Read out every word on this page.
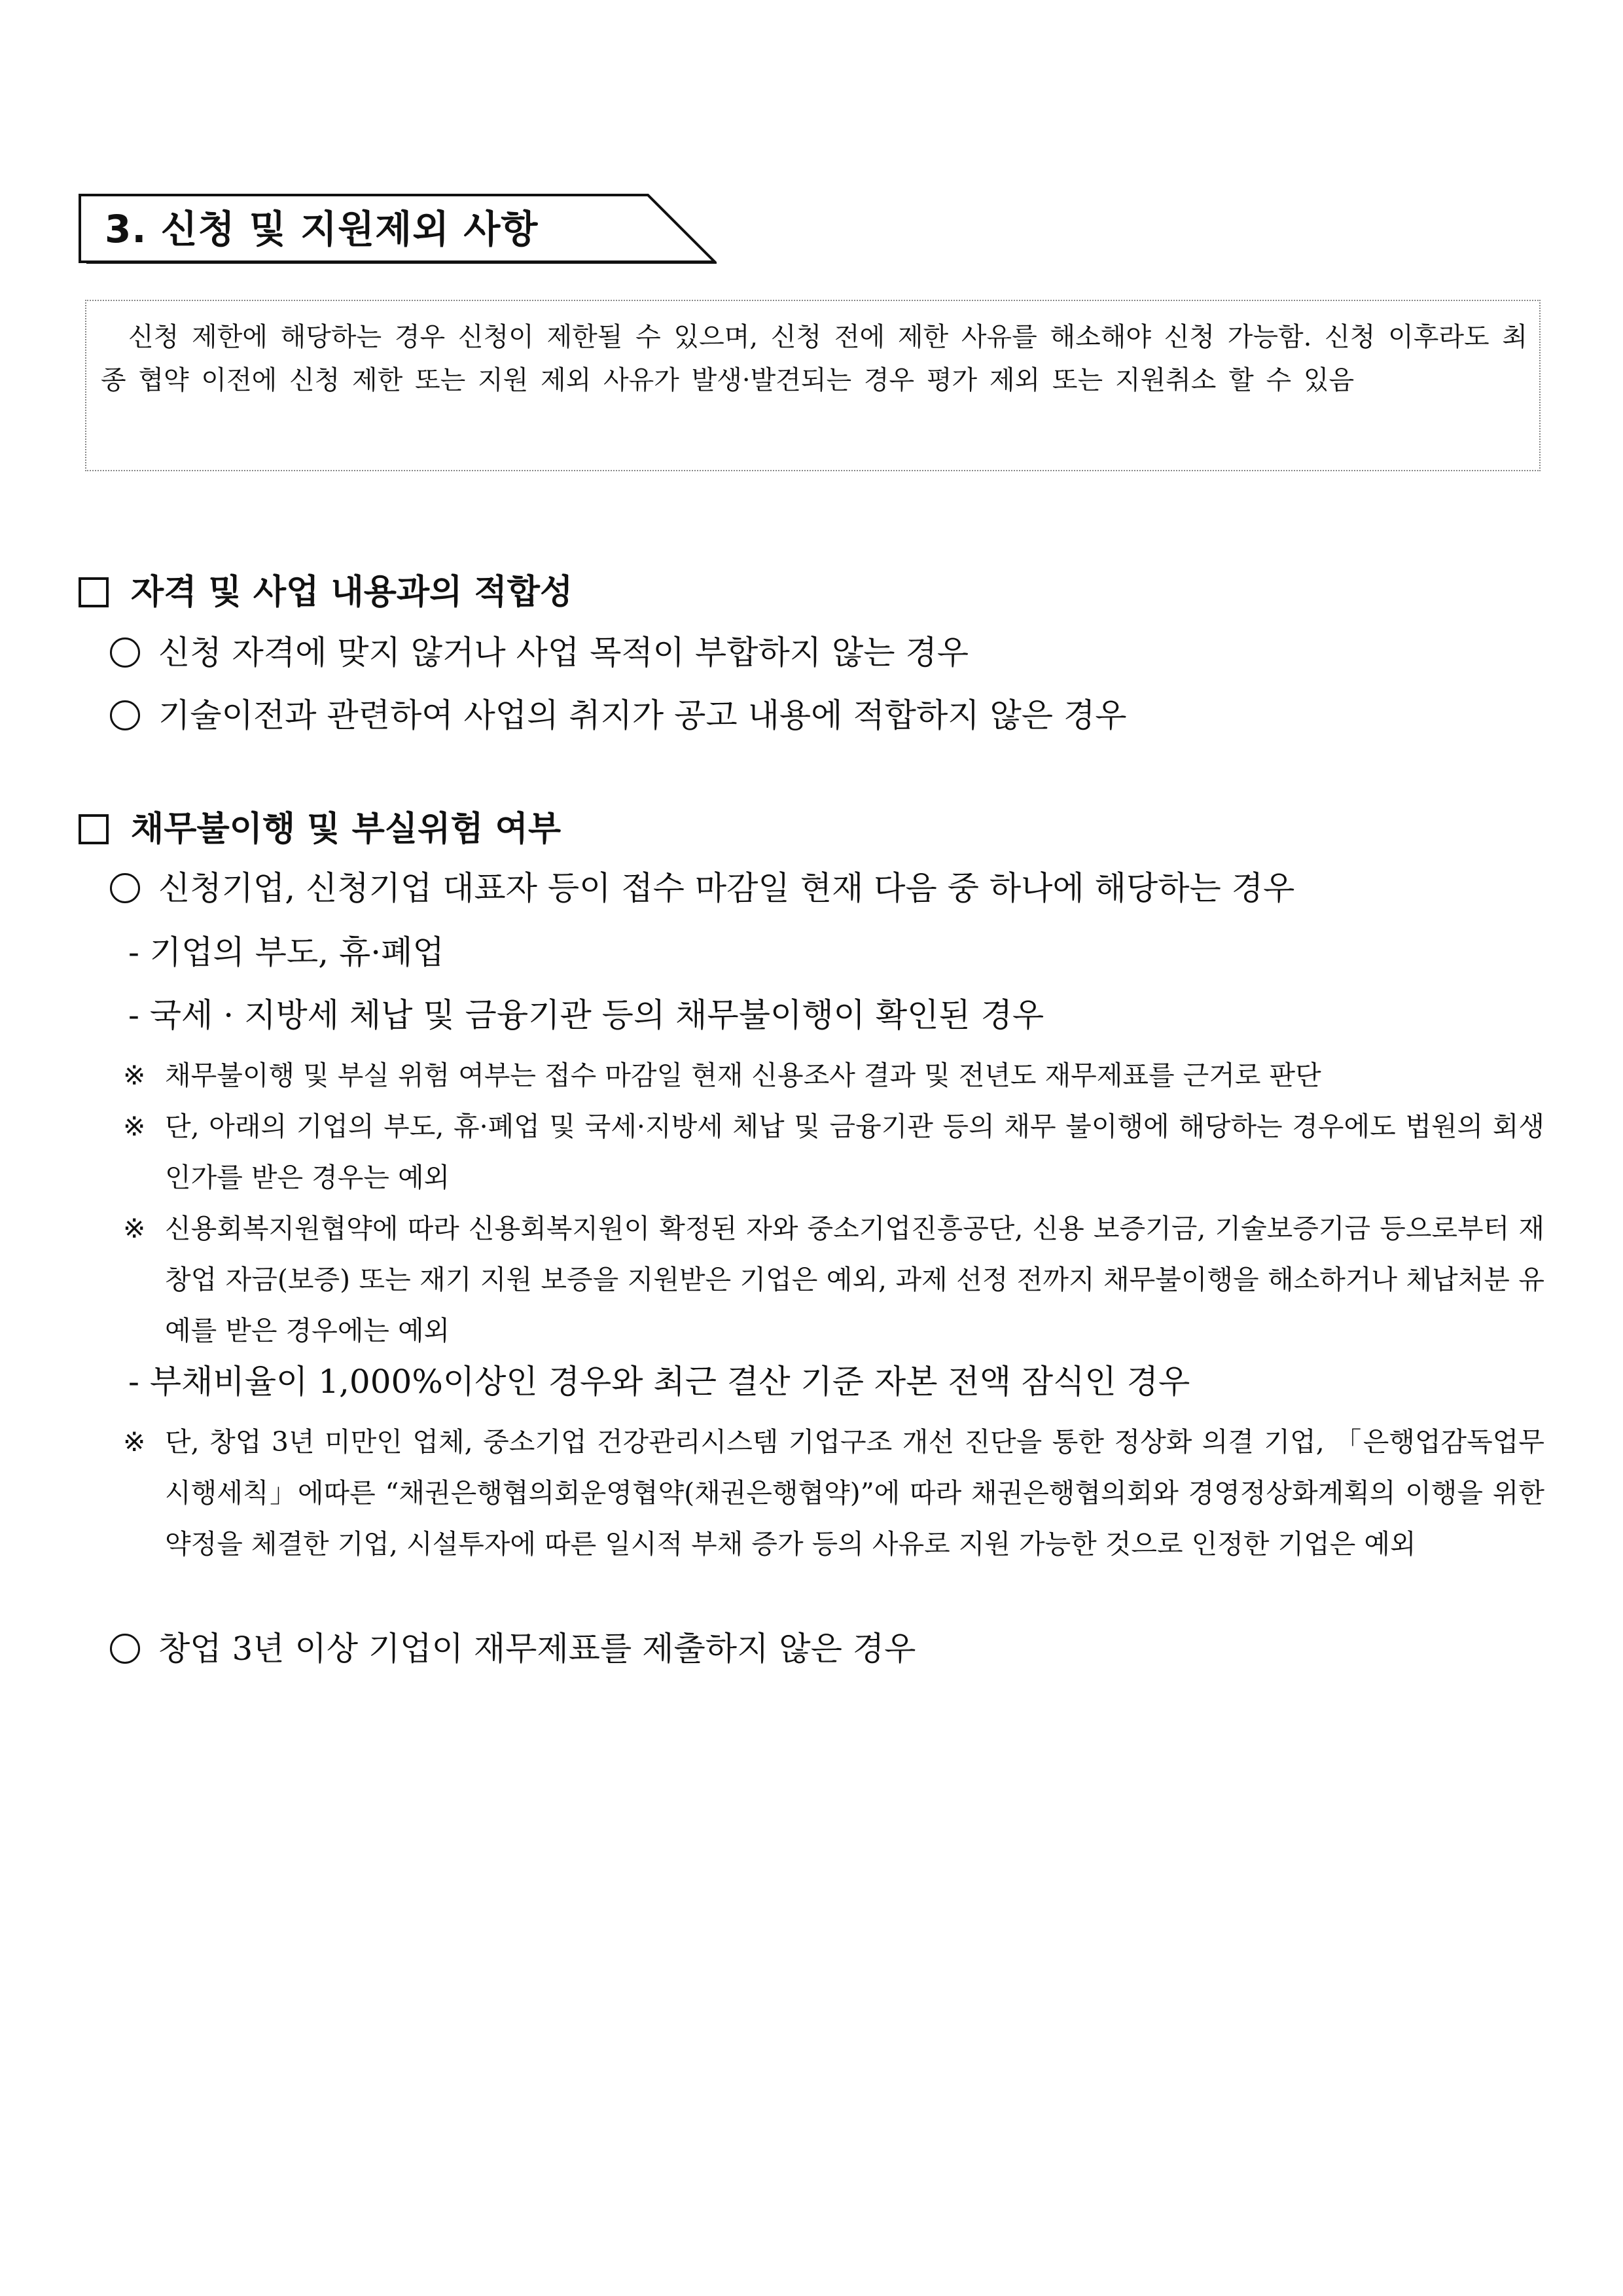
3. 신청 및 지원제외 사항

신청 제한에 해당하는 경우 신청이 제한될 수 있으며, 신청 전에 제한 사유를 해소해야 신청 가능함. 신청 이후라도 최종 협약 이전에 신청 제한 또는 지원 제외 사유가 발생·발견되는 경우 평가 제외 또는 지원취소 할 수 있음

자격 및 사업 내용과의 적합성
신청 자격에 맞지 않거나 사업 목적이 부합하지 않는 경우
기술이전과 관련하여 사업의 취지가 공고 내용에 적합하지 않은 경우
채무불이행 및 부실위험 여부
신청기업, 신청기업 대표자 등이 접수 마감일 현재 다음 중 하나에 해당하는 경우
- 기업의 부도, 휴·폐업
- 국세 · 지방세 체납 및 금융기관 등의 채무불이행이 확인된 경우
※ 채무불이행 및 부실 위험 여부는 접수 마감일 현재 신용조사 결과 및 전년도 재무제표를 근거로 판단
※ 단, 아래의 기업의 부도, 휴·폐업 및 국세·지방세 체납 및 금융기관 등의 채무 불이행에 해당하는 경우에도 법원의 회생인가를 받은 경우는 예외
※ 신용회복지원협약에 따라 신용회복지원이 확정된 자와 중소기업진흥공단, 신용 보증기금, 기술보증기금 등으로부터 재창업 자금(보증) 또는 재기 지원 보증을 지원받은 기업은 예외, 과제 선정 전까지 채무불이행을 해소하거나 체납처분 유예를 받은 경우에는 예외
- 부채비율이 1,000%이상인 경우와 최근 결산 기준 자본 전액 잠식인 경우
※ 단, 창업 3년 미만인 업체, 중소기업 건강관리시스템 기업구조 개선 진단을 통한 정상화 의결 기업, 「은행업감독업무시행세칙」에따른 “채권은행협의회운영협약(채권은행협약)”에 따라 채권은행협의회와 경영정상화계획의 이행을 위한 약정을 체결한 기업, 시설투자에 따른 일시적 부채 증가 등의 사유로 지원 가능한 것으로 인정한 기업은 예외
창업 3년 이상 기업이 재무제표를 제출하지 않은 경우
